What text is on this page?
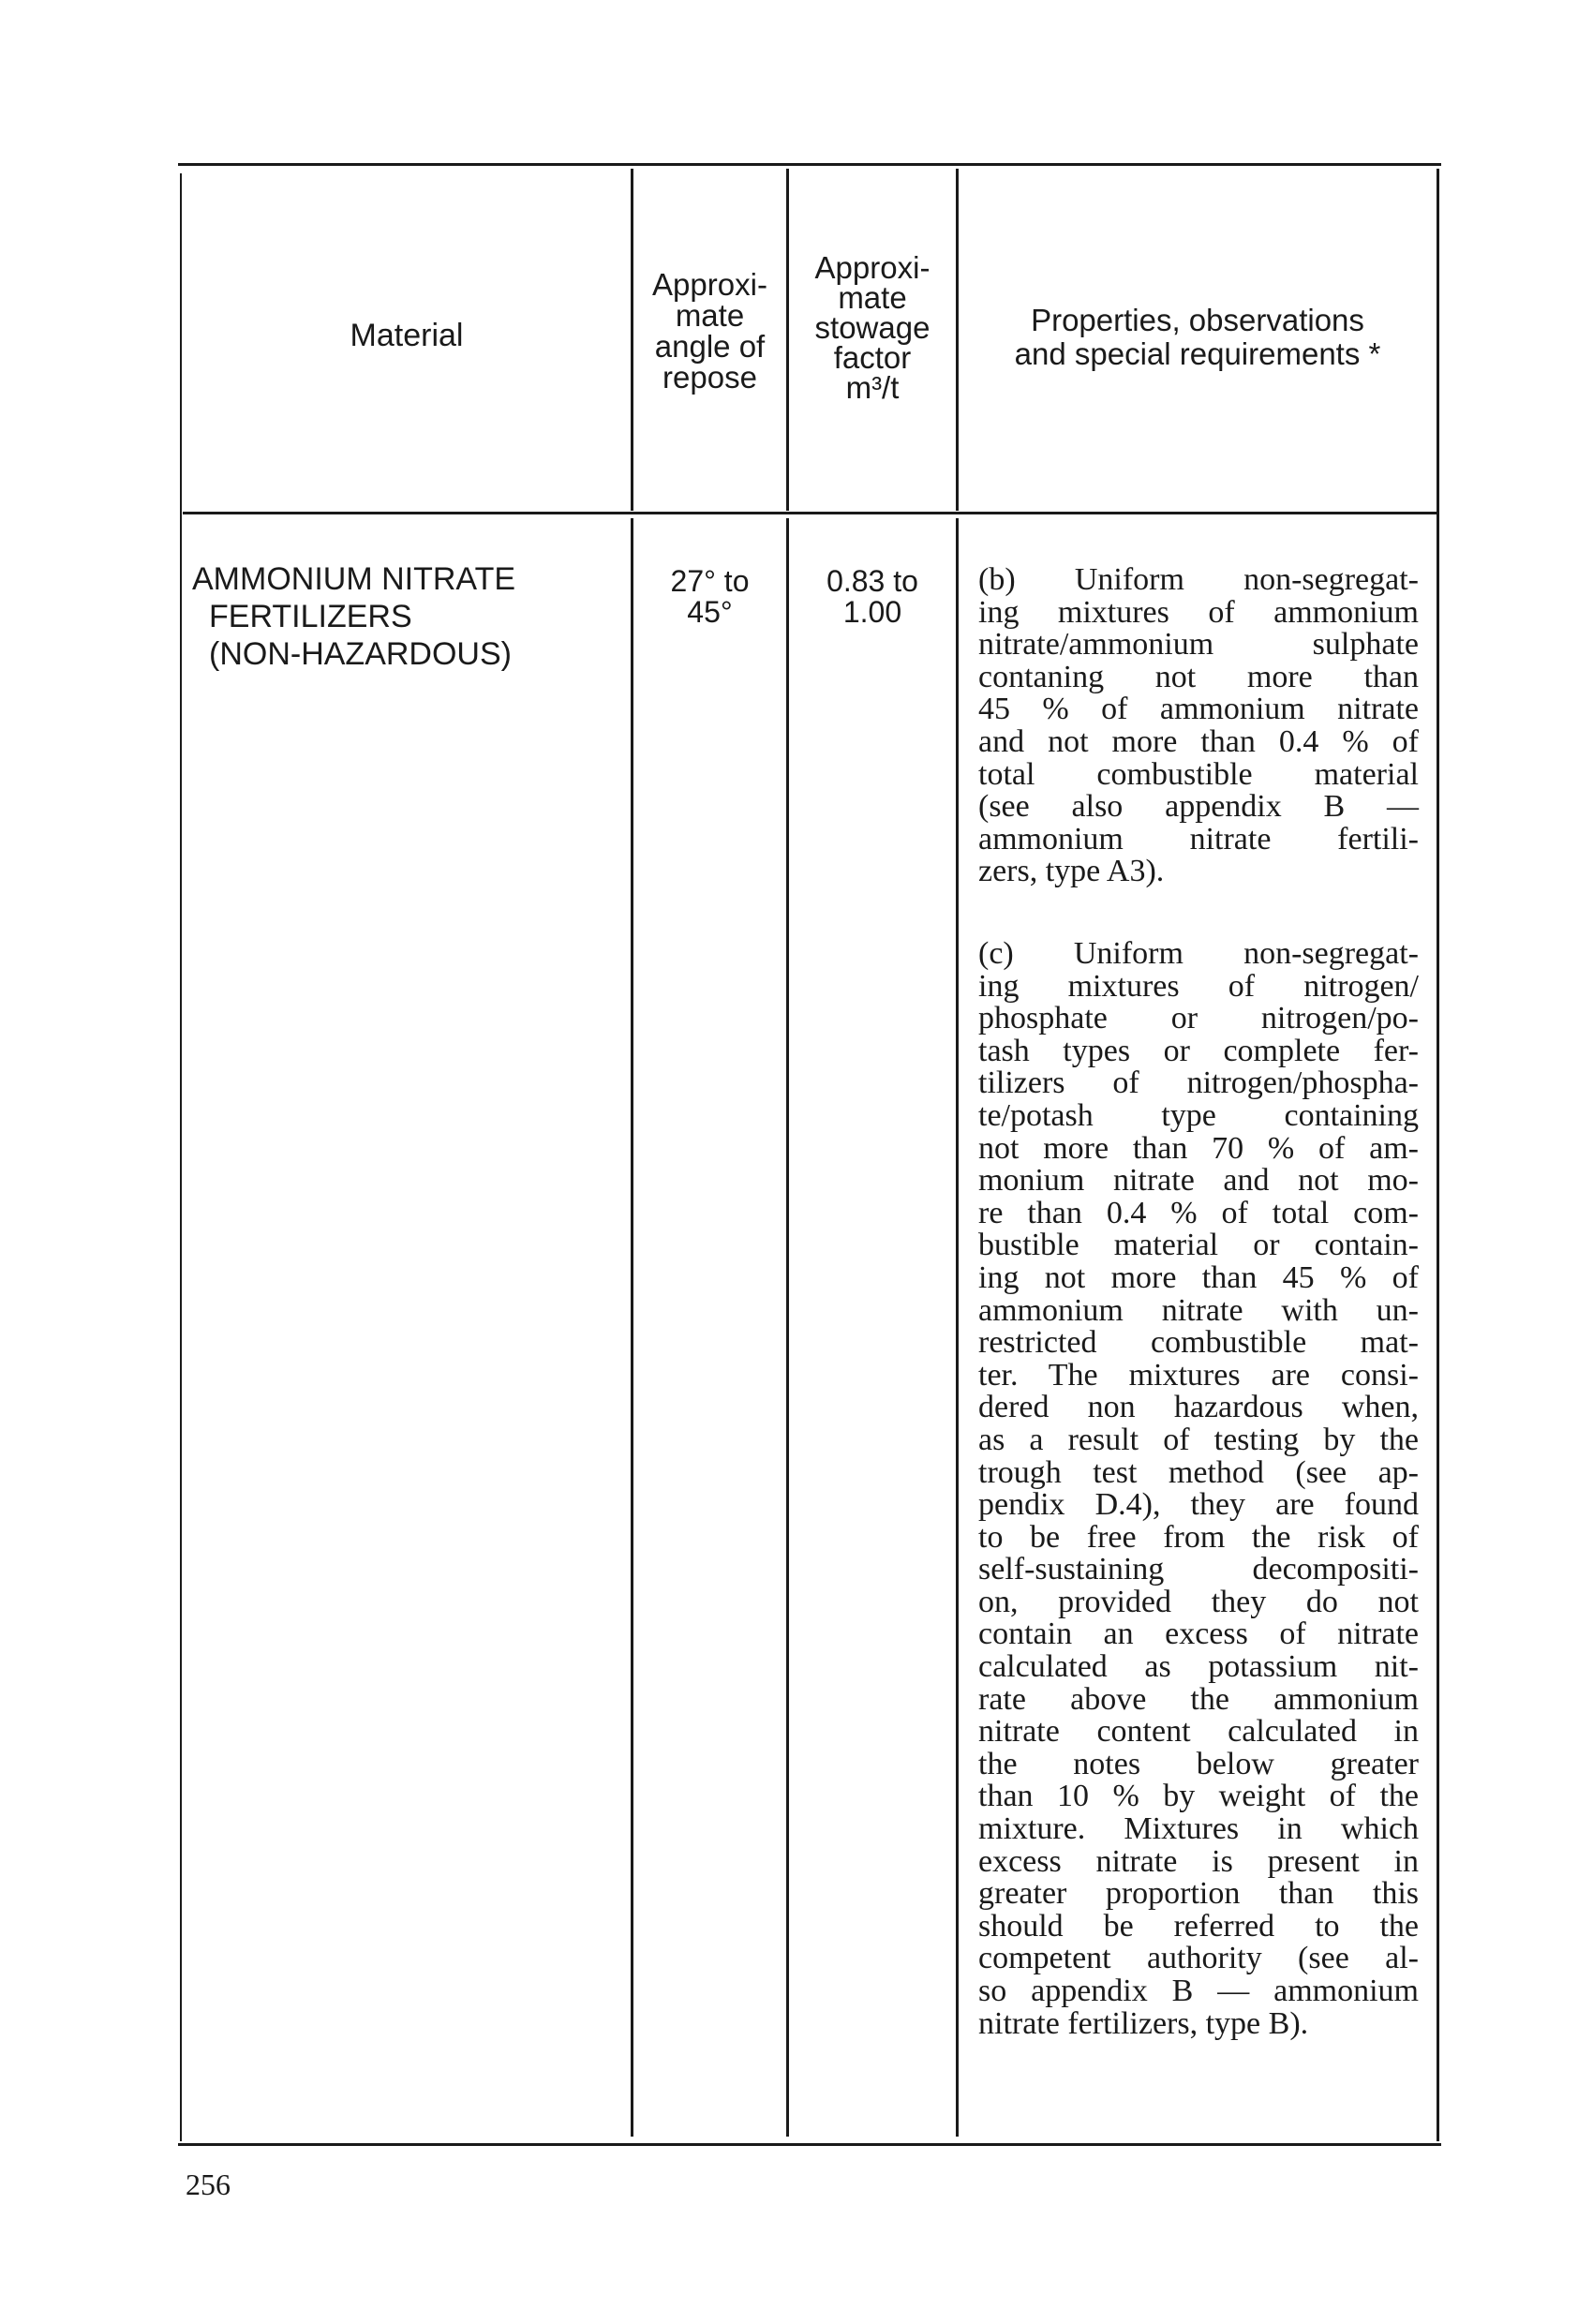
Material
Approxi-
mate
angle of
repose
Approxi-
mate
stowage
factor
m³/t
Properties, observations
and special requirements *
AMMONIUM NITRATE
FERTILIZERS
(NON-HAZARDOUS)
27° to
45°
0.83 to
1.00
(b) Uniform non-segregat-
ing mixtures of ammonium
nitrate/ammonium sulphate
contaning not more than
45 % of ammonium nitrate
and not more than 0.4 % of
total combustible material
(see also appendix B —
ammonium nitrate fertili-
zers, type A3).
(c) Uniform non-segregat-
ing mixtures of nitrogen/
phosphate or nitrogen/po-
tash types or complete fer-
tilizers of nitrogen/phospha-
te/potash type containing
not more than 70 % of am-
monium nitrate and not mo-
re than 0.4 % of total com-
bustible material or contain-
ing not more than 45 % of
ammonium nitrate with un-
restricted combustible mat-
ter. The mixtures are consi-
dered non hazardous when,
as a result of testing by the
trough test method (see ap-
pendix D.4), they are found
to be free from the risk of
self-sustaining decompositi-
on, provided they do not
contain an excess of nitrate
calculated as potassium nit-
rate above the ammonium
nitrate content calculated in
the notes below greater
than 10 % by weight of the
mixture. Mixtures in which
excess nitrate is present in
greater proportion than this
should be referred to the
competent authority (see al-
so appendix B — ammonium
nitrate fertilizers, type B).
256
